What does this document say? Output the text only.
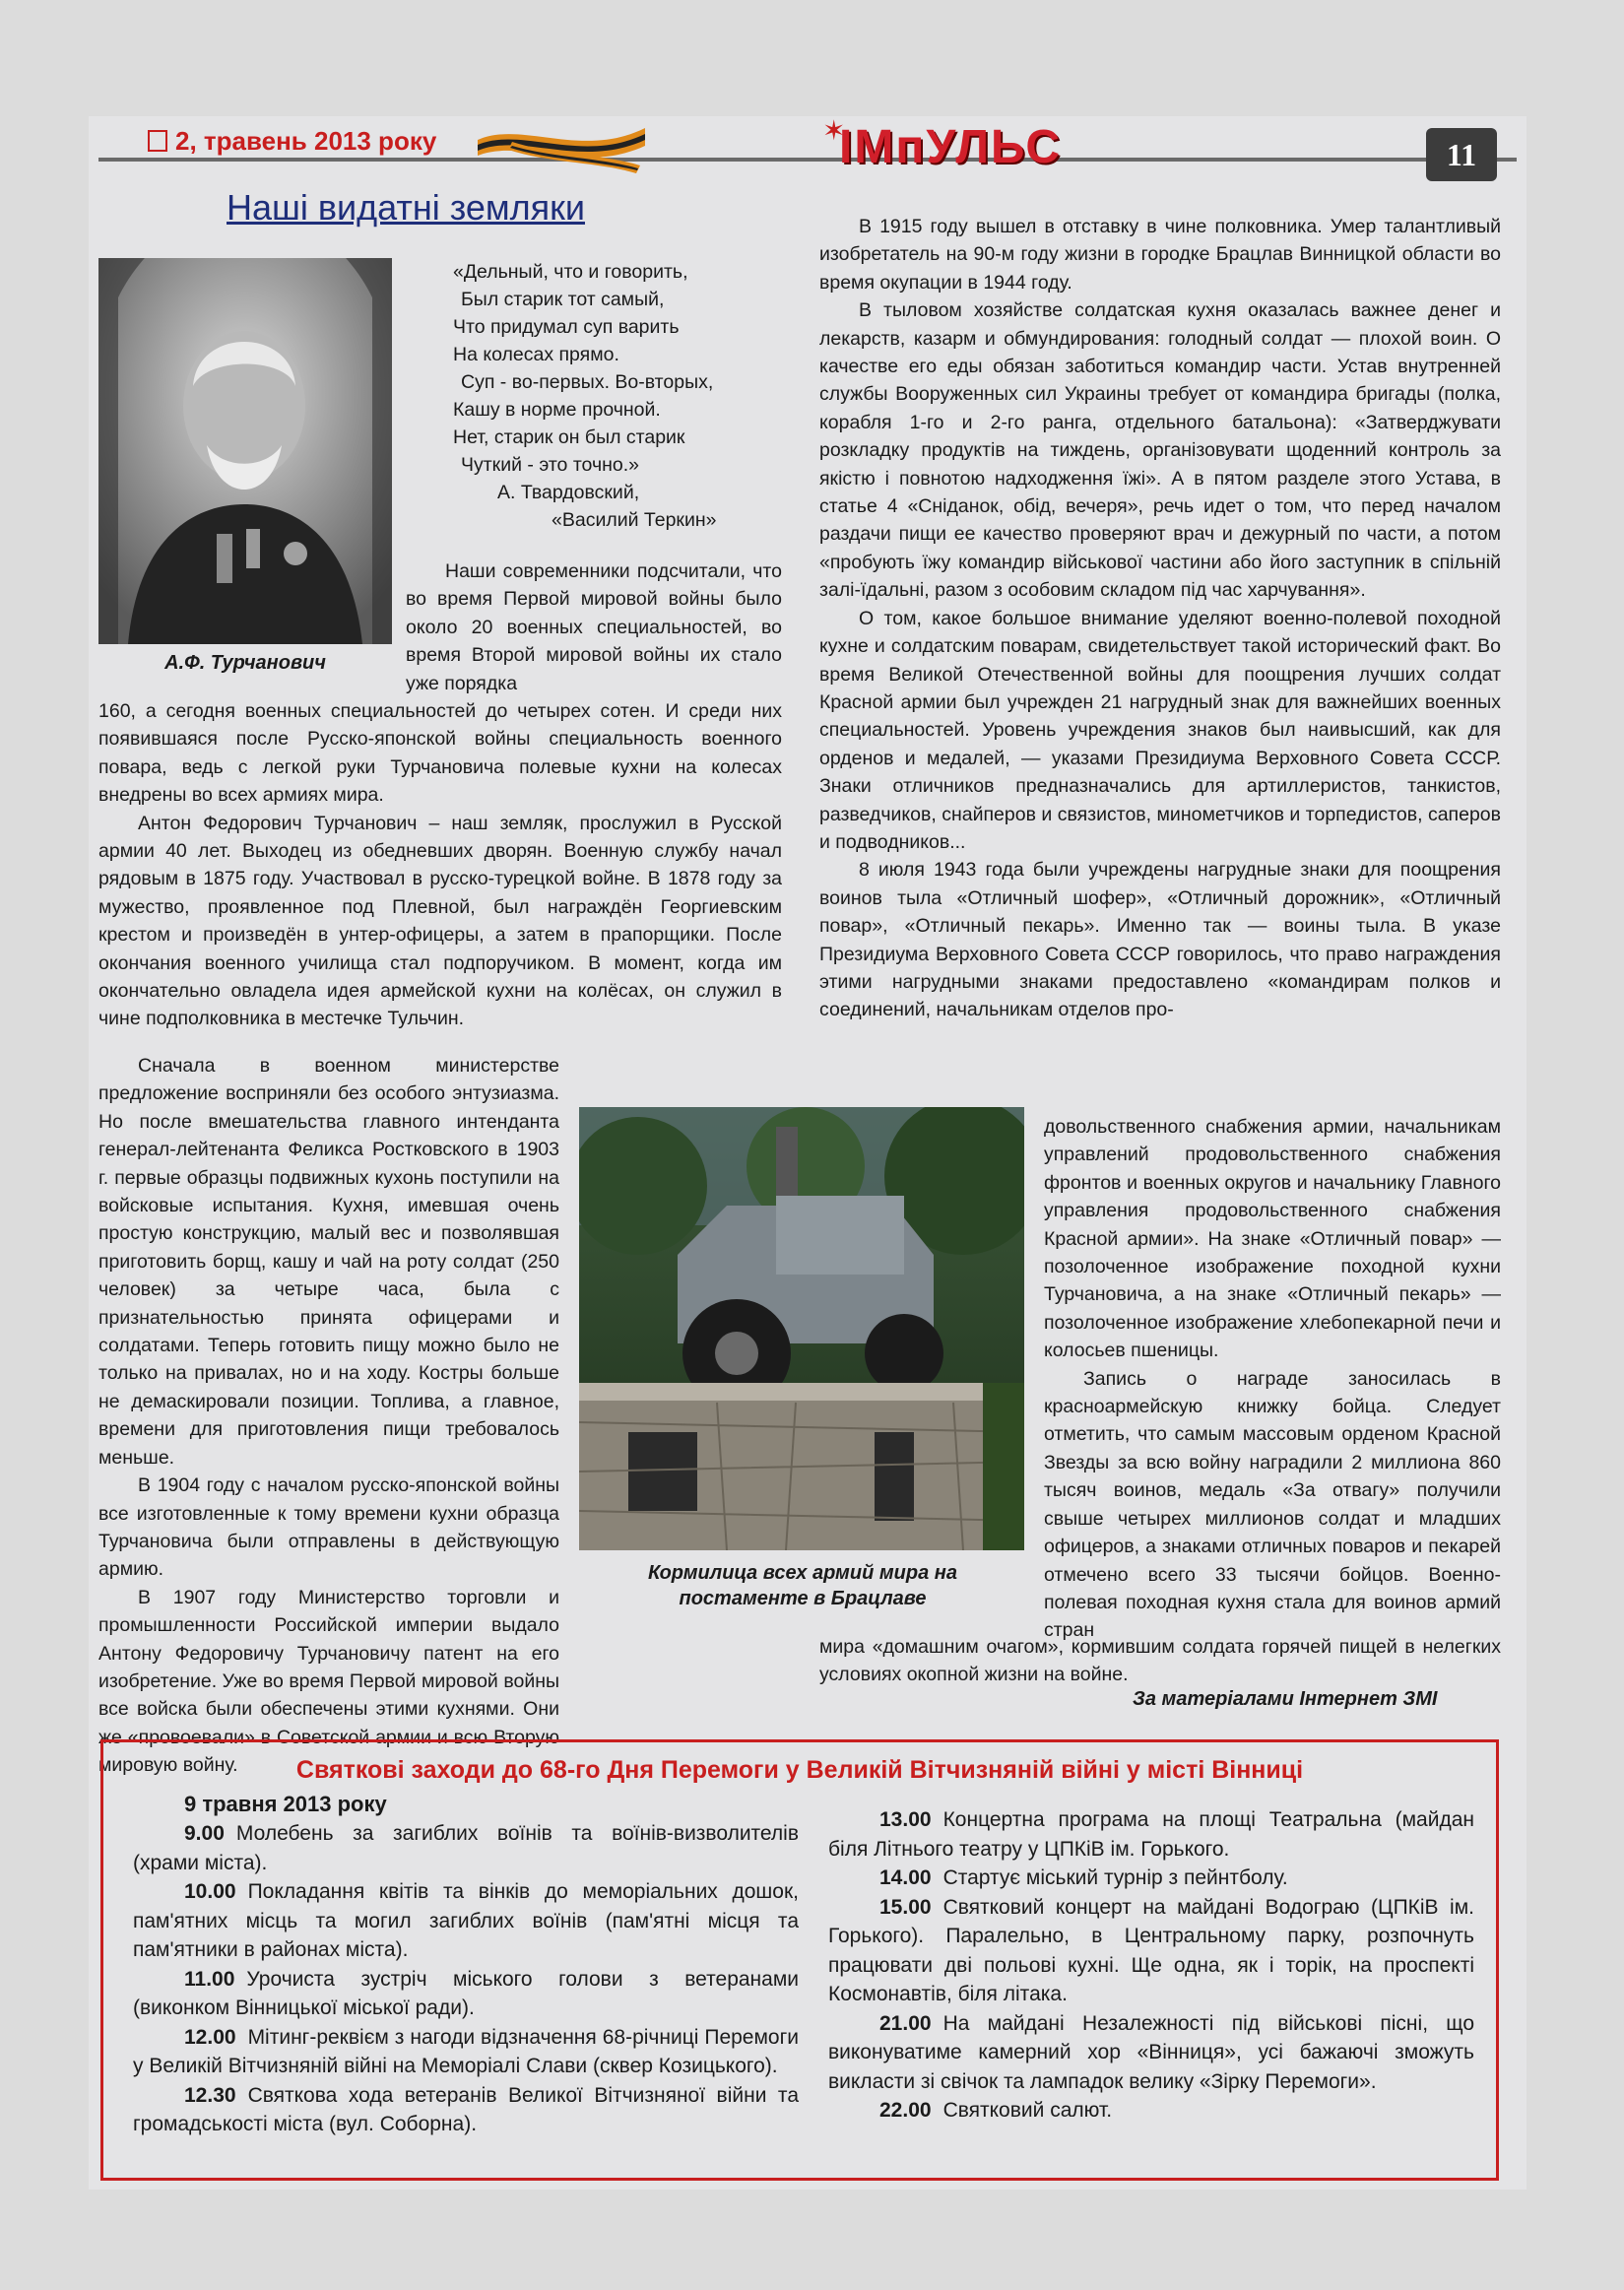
2, травень 2013 року	✶
ІМпУЛЬС	11
Наші видатні земляки
А.Ф. Турчанович
«Дельный, что и говорить,
Был старик тот самый,
Что придумал суп варить
На колесах прямо.
Суп - во-первых. Во-вторых,
Кашу в норме прочной.
Нет, старик он был старик
Чуткий - это точно.»
А. Твардовский,
«Василий Теркин»

Наши современники подсчитали, что во время Первой мировой войны было около 20 военных специальностей, во время Второй мировой войны их стало уже порядка

160, а сегодня военных специальностей до четырех сотен. И среди них появившаяся после Русско-японской войны специальность военного повара, ведь с легкой руки Турчановича полевые кухни на колесах внедрены во всех армиях мира.

Антон Федорович Турчанович – наш земляк, прослужил в Русской армии 40 лет. Выходец из обедневших дворян. Военную службу начал рядовым в 1875 году. Участвовал в русско-турецкой войне. В 1878 году за мужество, проявленное под Плевной, был награждён Георгиевским крестом и произведён в унтер-офицеры, а затем в прапорщики. После окончания военного училища стал подпоручиком. В момент, когда им окончательно овладела идея армейской кухни на колёсах, он служил в чине подполковника в местечке Тульчин.

Сначала в военном министерстве предложение восприняли без особого энтузиазма. Но после вмешательства главного интенданта генерал-лейтенанта Феликса Ростковского в 1903 г. первые образцы подвижных кухонь поступили на войсковые испытания. Кухня, имевшая очень простую конструкцию, малый вес и позволявшая приготовить борщ, кашу и чай на роту солдат (250 человек) за четыре часа, была с признательностью принята офицерами и солдатами. Теперь готовить пищу можно было не только на привалах, но и на ходу. Костры больше не демаскировали позиции. Топлива, а главное, времени для приготовления пищи требовалось меньше.

В 1904 году с началом русско-японской войны все изготовленные к тому времени кухни образца Турчановича были отправлены в действующую армию.

В 1907 году Министерство торговли и промышленности Российской империи выдало Антону Федоровичу Турчановичу патент на его изобретение. Уже во время Первой мировой войны все войска были обеспечены этими кухнями. Они же «провоевали» в Советской армии и всю Вторую мировую войну.

В 1915 году вышел в отставку в чине полковника. Умер талантливый изобретатель на 90-м году жизни в городке Брацлав Винницкой области во время окупации в 1944 году.

В тыловом хозяйстве солдатская кухня оказалась важнее денег и лекарств, казарм и обмундирования: голодный солдат — плохой воин. О качестве его еды обязан заботиться командир части. Устав внутренней службы Вооруженных сил Украины требует от командира бригады (полка, корабля 1-го и 2-го ранга, отдельного батальона): «Затверджувати розкладку продуктів на тиждень, організовувати щоденний контроль за якістю і повнотою надходження їжі». А в пятом разделе этого Устава, в статье 4 «Сніданок, обід, вечеря», речь идет о том, что перед началом раздачи пищи ее качество проверяют врач и дежурный по части, а потом «пробують їжу командир військової частини або його заступник в спільній залі-їдальні, разом з особовим складом під час харчування».

О том, какое большое внимание уделяют военно-полевой походной кухне и солдатским поварам, свидетельствует такой исторический факт. Во время Великой Отечественной войны для поощрения лучших солдат Красной армии был учрежден 21 нагрудный знак для важнейших военных специальностей. Уровень учреждения знаков был наивысший, как для орденов и медалей, — указами Президиума Верховного Совета СССР. Знаки отличников предназначались для артиллеристов, танкистов, разведчиков, снайперов и связистов, минометчиков и торпедистов, саперов и подводников...

8 июля 1943 года были учреждены нагрудные знаки для поощрения воинов тыла «Отличный шофер», «Отличный дорожник», «Отличный повар», «Отличный пекарь». Именно так — воины тыла. В указе Президиума Верховного Совета СССР говорилось, что право награждения этими нагрудными знаками предоставлено «командирам полков и соединений, начальникам отделов про-

довольственного снабжения армии, начальникам управлений продовольственного снабжения фронтов и военных округов и начальнику Главного управления продовольственного снабжения Красной армии». На знаке «Отличный повар» — позолоченное изображение походной кухни Турчановича, а на знаке «Отличный пекарь» — позолоченное изображение хлебопекарной печи и колосьев пшеницы.

Запись о награде заносилась в красноармейскую книжку бойца. Следует отметить, что самым массовым орденом Красной Звезды за всю войну наградили 2 миллиона 860 тысяч воинов, медаль «За отвагу» получили свыше четырех миллионов солдат и младших офицеров, а знаками отличных поваров и пекарей отмечено всего 33 тысячи бойцов. Военно-полевая походная кухня стала для воинов армий стран

мира «домашним очагом», кормившим солдата горячей пищей в нелегких условиях окопной жизни на войне.

Кормилица всех армий мира на постаменте в Брацлаве
За матеріалами Інтернет ЗМІ
Святкові заходи до 68-го Дня Перемоги у Великій Вітчизняній війні у місті Вінниці
9 травня 2013 року

9.00 Молебень за загиблих воїнів та воїнів-визволителів (храми міста).

10.00 Покладання квітів та вінків до меморіальних дошок, пам'ятних місць та могил загиблих воїнів (пам'ятні місця та пам'ятники в районах міста).

11.00 Урочиста зустріч міського голови з ветеранами (виконком Вінницької міської ради).

12.00 Мітинг-реквієм з нагоди відзначення 68-річниці Перемоги у Великій Вітчизняній війні на Меморіалі Слави (сквер Козицького).

12.30 Святкова хода ветеранів Великої Вітчизняної війни та громадськості міста (вул. Соборна).

13.00 Концертна програма на площі Театральна (майдан біля Літнього театру у ЦПКіВ ім. Горького.

14.00 Стартує міський турнір з пейнтболу.

15.00 Святковий концерт на майдані Водограю (ЦПКіВ ім. Горького). Паралельно, в Центральному парку, розпочнуть працювати дві польові кухні. Ще одна, як і торік, на проспекті Космонавтів, біля літака.

21.00 На майдані Незалежності під військові пісні, що виконуватиме камерний хор «Вінниця», усі бажаючі зможуть викласти зі свічок та лампадок велику «Зірку Перемоги».

22.00 Святковий салют.
